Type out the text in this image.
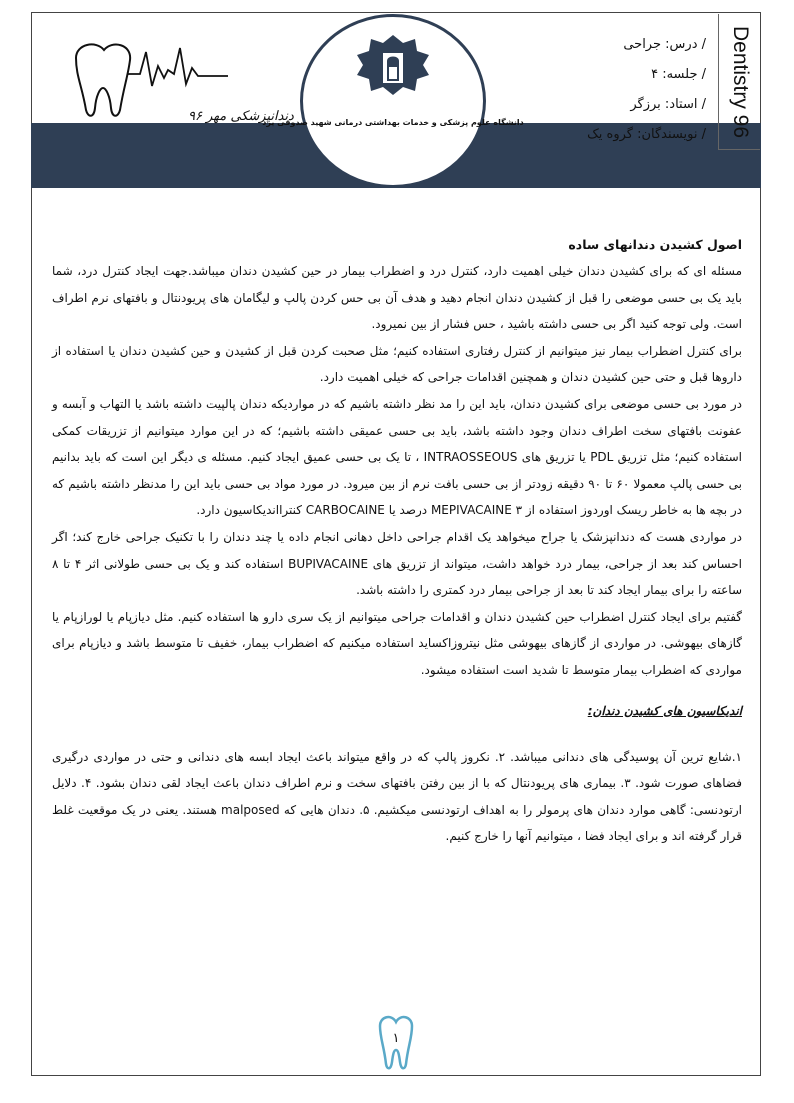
دندانپزشکی مهر ۹۶
دانشگاه علوم پزشکی و خدمات بهداشتی درمانی شهید صدوقی یزد	Dentistry 96
/ درس: جراحی
/ جلسه: ۴
/ استاد: برزگر
/ نویسندگان: گروه یک
اصول کشیدن دندانهای ساده

مسئله ای که برای کشیدن دندان خیلی اهمیت دارد، کنترل درد و اضطراب بیمار در حین کشیدن دندان میباشد.جهت ایجاد کنترل درد، شما باید یک بی حسی موضعی را قبل از کشیدن دندان انجام دهید و هدف آن بی حس کردن پالپ و لیگامان های پریودنتال و بافتهای نرم اطراف است. ولی توجه کنید اگر بی حسی داشته باشید ، حس فشار از بین نمیرود.

برای کنترل اضطراب بیمار نیز میتوانیم از کنترل رفتاری استفاده کنیم؛ مثل صحبت کردن قبل از کشیدن و حین کشیدن دندان یا استفاده از داروها قبل و حتی حین کشیدن دندان و همچنین اقدامات جراحی که خیلی اهمیت دارد.

در مورد بی حسی موضعی برای کشیدن دندان، باید این را مد نظر داشته باشیم که در مواردیکه دندان پالپیت داشته باشد یا التهاب و آبسه و عفونت بافتهای سخت اطراف دندان وجود داشته باشد، باید بی حسی عمیقی داشته باشیم؛ که در این موارد میتوانیم از تزریقات کمکی استفاده کنیم؛ مثل تزریق PDL یا تزریق های INTRAOSSEOUS ، تا یک بی حسی عمیق ایجاد کنیم. مسئله ی دیگر این است که باید بدانیم بی حسی پالپ معمولا ۶۰ تا ۹۰ دقیقه زودتر از بی حسی بافت نرم از بین میرود. در مورد مواد بی حسی باید این را مدنظر داشته باشیم که در بچه ها به خاطر ریسک اوردوز استفاده از MEPIVACAINE ۳ درصد یا CARBOCAINE کنترااندیکاسیون دارد.

در مواردی هست که دندانپزشک یا جراح میخواهد یک اقدام جراحی داخل دهانی انجام داده یا چند دندان را با تکنیک جراحی خارج کند؛ اگر احساس کند بعد از جراحی، بیمار درد خواهد داشت، میتواند از تزریق های BUPIVACAINE استفاده کند و یک بی حسی طولانی اثر ۴ تا ۸ ساعته را برای بیمار ایجاد کند تا بعد از جراحی بیمار درد کمتری را داشته باشد.

گفتیم برای ایجاد کنترل اضطراب حین کشیدن دندان و اقدامات جراحی میتوانیم از یک سری دارو ها استفاده کنیم. مثل دیازپام یا لورازپام یا گازهای بیهوشی. در مواردی از گازهای بیهوشی مثل نیتروزاکساید استفاده میکنیم که اضطراب بیمار، خفیف تا متوسط باشد و دیازپام برای مواردی که اضطراب بیمار متوسط تا شدید است استفاده میشود.

اندیکاسیون های کشیدن دندان:

۱.شایع ترین آن پوسیدگی های دندانی میباشد. ۲. نکروز پالپ که در واقع میتواند باعث ایجاد ابسه های دندانی و حتی در مواردی درگیری فضاهای صورت شود. ۳. بیماری های پریودنتال که با از بین رفتن بافتهای سخت و نرم اطراف دندان باعث ایجاد لقی دندان بشود. ۴. دلایل ارتودنسی: گاهی موارد دندان های پرمولر را به اهداف ارتودنسی میکشیم. ۵. دندان هایی که malposed هستند. یعنی در یک موقعیت غلط قرار گرفته اند و برای ایجاد فضا ، میتوانیم آنها را خارج کنیم.

۱
